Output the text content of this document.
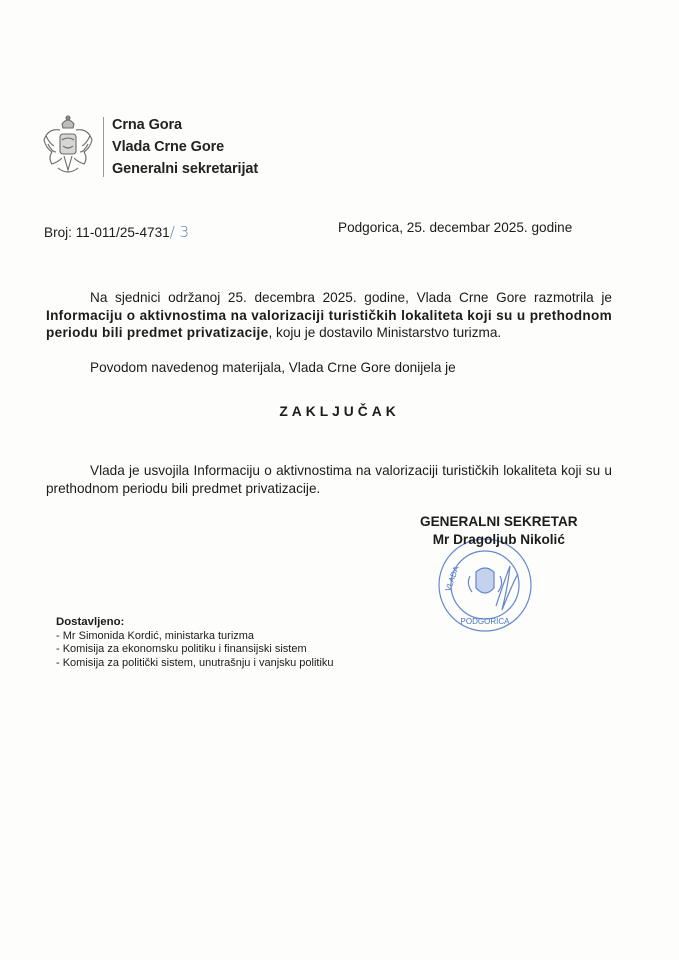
Crna Gora
Vlada Crne Gore
Generalni sekretarijat
Broj: 11-011/25-4731/ 3	Podgorica, 25. decembar 2025. godine
Na sjednici održanoj 25. decembra 2025. godine, Vlada Crne Gore razmotrila je Informaciju o aktivnostima na valorizaciji turističkih lokaliteta koji su u prethodnom periodu bili predmet privatizacije, koju je dostavilo Ministarstvo turizma.
Povodom navedenog materijala, Vlada Crne Gore donijela je
ZAKLJUČAK
Vlada je usvojila Informaciju o aktivnostima na valorizaciji turističkih lokaliteta koji su u prethodnom periodu bili predmet privatizacije.
PODGORICA
VLADA
GENERALNI SEKRETAR
Mr Dragoljub Nikolić
Dostavljeno:
- Mr Simonida Kordić, ministarka turizma
- Komisija za ekonomsku politiku i finansijski sistem
- Komisija za politički sistem, unutrašnju i vanjsku politiku
